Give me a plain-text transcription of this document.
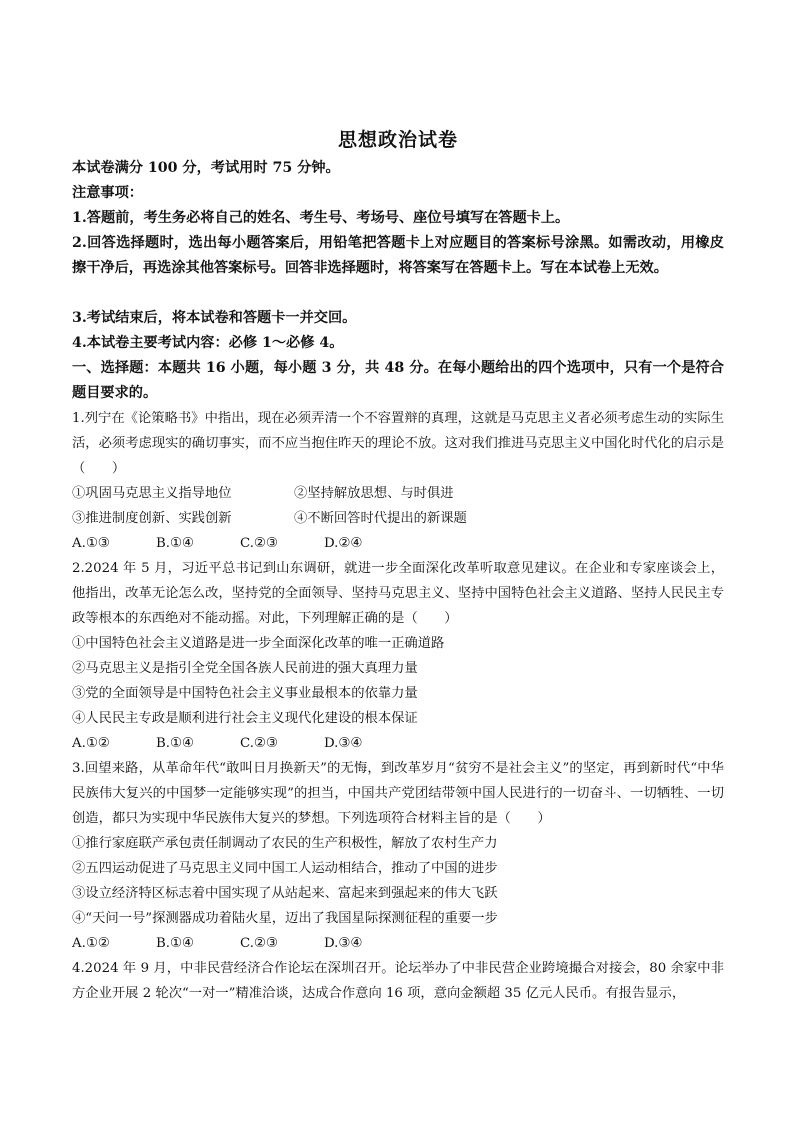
思想政治试卷
本试卷满分 100 分，考试用时 75 分钟。
注意事项：
1.答题前，考生务必将自己的姓名、考生号、考场号、座位号填写在答题卡上。
2.回答选择题时，选出每小题答案后，用铅笔把答题卡上对应题目的答案标号涂黑。如需改动，用橡皮擦干净后，再选涂其他答案标号。回答非选择题时，将答案写在答题卡上。写在本试卷上无效。
3.考试结束后，将本试卷和答题卡一并交回。
4.本试卷主要考试内容：必修 1～必修 4。
一、选择题：本题共 16 小题，每小题 3 分，共 48 分。在每小题给出的四个选项中，只有一个是符合题目要求的。
1.列宁在《论策略书》中指出，现在必须弄清一个不容置辩的真理，这就是马克思主义者必须考虑生动的实际生活，必须考虑现实的确切事实，而不应当抱住昨天的理论不放。这对我们推进马克思主义中国化时代化的启示是（　　）
①巩固马克思主义指导地位	②坚持解放思想、与时俱进
③推进制度创新、实践创新	④不断回答时代提出的新课题
A.①③	B.①④	C.②③	D.②④
2.2024 年 5 月，习近平总书记到山东调研，就进一步全面深化改革听取意见建议。在企业和专家座谈会上，他指出，改革无论怎么改，坚持党的全面领导、坚持马克思主义、坚持中国特色社会主义道路、坚持人民民主专政等根本的东西绝对不能动摇。对此，下列理解正确的是（　　）
①中国特色社会主义道路是进一步全面深化改革的唯一正确道路
②马克思主义是指引全党全国各族人民前进的强大真理力量
③党的全面领导是中国特色社会主义事业最根本的依靠力量
④人民民主专政是顺利进行社会主义现代化建设的根本保证
A.①②	B.①④	C.②③	D.③④
3.回望来路，从革命年代“敢叫日月换新天”的无悔，到改革岁月“贫穷不是社会主义”的坚定，再到新时代“中华民族伟大复兴的中国梦一定能够实现”的担当，中国共产党团结带领中国人民进行的一切奋斗、一切牺牲、一切创造，都只为实现中华民族伟大复兴的梦想。下列选项符合材料主旨的是（　　）
①推行家庭联产承包责任制调动了农民的生产积极性，解放了农村生产力
②五四运动促进了马克思主义同中国工人运动相结合，推动了中国的进步
③设立经济特区标志着中国实现了从站起来、富起来到强起来的伟大飞跃
④“天问一号”探测器成功着陆火星，迈出了我国星际探测征程的重要一步
A.①②	B.①④	C.②③	D.③④
4.2024 年 9 月，中非民营经济合作论坛在深圳召开。论坛举办了中非民营企业跨境撮合对接会，80 余家中非方企业开展 2 轮次“一对一”精准洽谈，达成合作意向 16 项，意向金额超 35 亿元人民币。有报告显示，
